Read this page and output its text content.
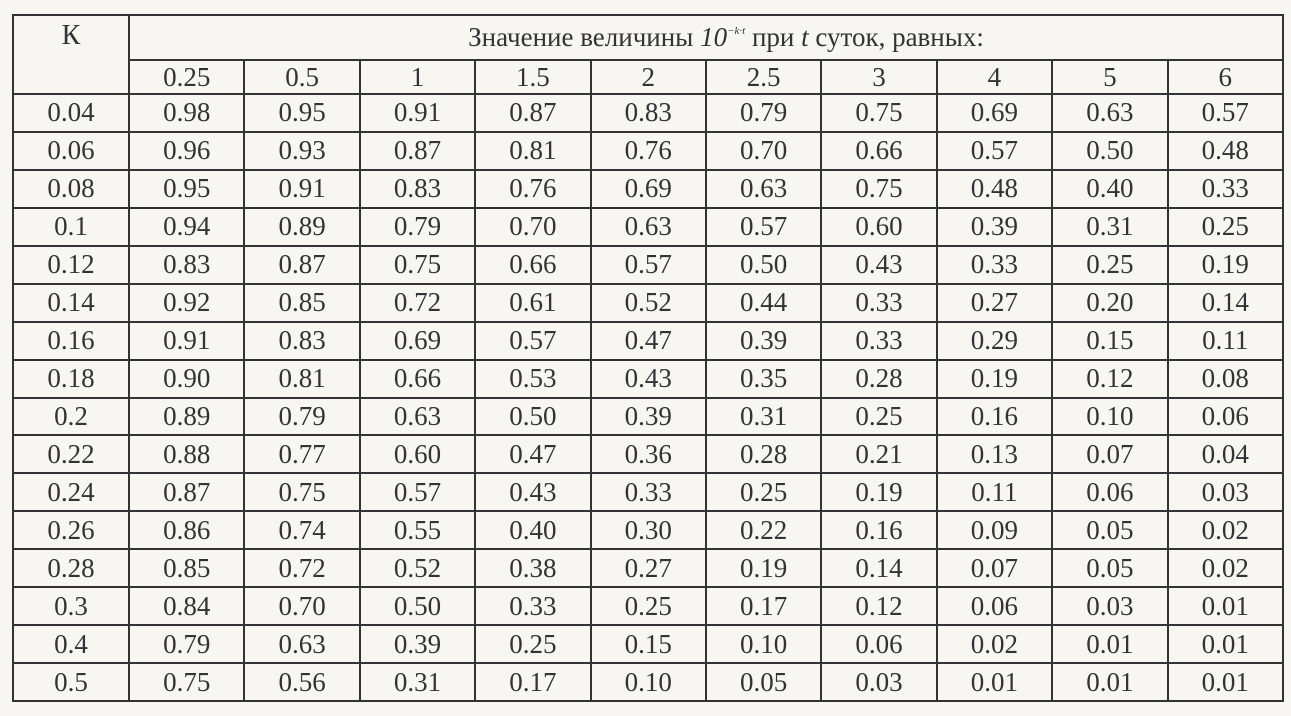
К	Значение величины $10^{-k\cdot t}$ при t суток, равных:									
	0.25	0.5	1	1.5	2	2.5	3	4	5	6
0.04	0.98	0.95	0.91	0.87	0.83	0.79	0.75	0.69	0.63	0.57
0.06	0.96	0.93	0.87	0.81	0.76	0.70	0.66	0.57	0.50	0.48
0.08	0.95	0.91	0.83	0.76	0.69	0.63	0.75	0.48	0.40	0.33
0.1	0.94	0.89	0.79	0.70	0.63	0.57	0.60	0.39	0.31	0.25
0.12	0.83	0.87	0.75	0.66	0.57	0.50	0.43	0.33	0.25	0.19
0.14	0.92	0.85	0.72	0.61	0.52	0.44	0.33	0.27	0.20	0.14
0.16	0.91	0.83	0.69	0.57	0.47	0.39	0.33	0.29	0.15	0.11
0.18	0.90	0.81	0.66	0.53	0.43	0.35	0.28	0.19	0.12	0.08
0.2	0.89	0.79	0.63	0.50	0.39	0.31	0.25	0.16	0.10	0.06
0.22	0.88	0.77	0.60	0.47	0.36	0.28	0.21	0.13	0.07	0.04
0.24	0.87	0.75	0.57	0.43	0.33	0.25	0.19	0.11	0.06	0.03
0.26	0.86	0.74	0.55	0.40	0.30	0.22	0.16	0.09	0.05	0.02
0.28	0.85	0.72	0.52	0.38	0.27	0.19	0.14	0.07	0.05	0.02
0.3	0.84	0.70	0.50	0.33	0.25	0.17	0.12	0.06	0.03	0.01
0.4	0.79	0.63	0.39	0.25	0.15	0.10	0.06	0.02	0.01	0.01
0.5	0.75	0.56	0.31	0.17	0.10	0.05	0.03	0.01	0.01	0.01
